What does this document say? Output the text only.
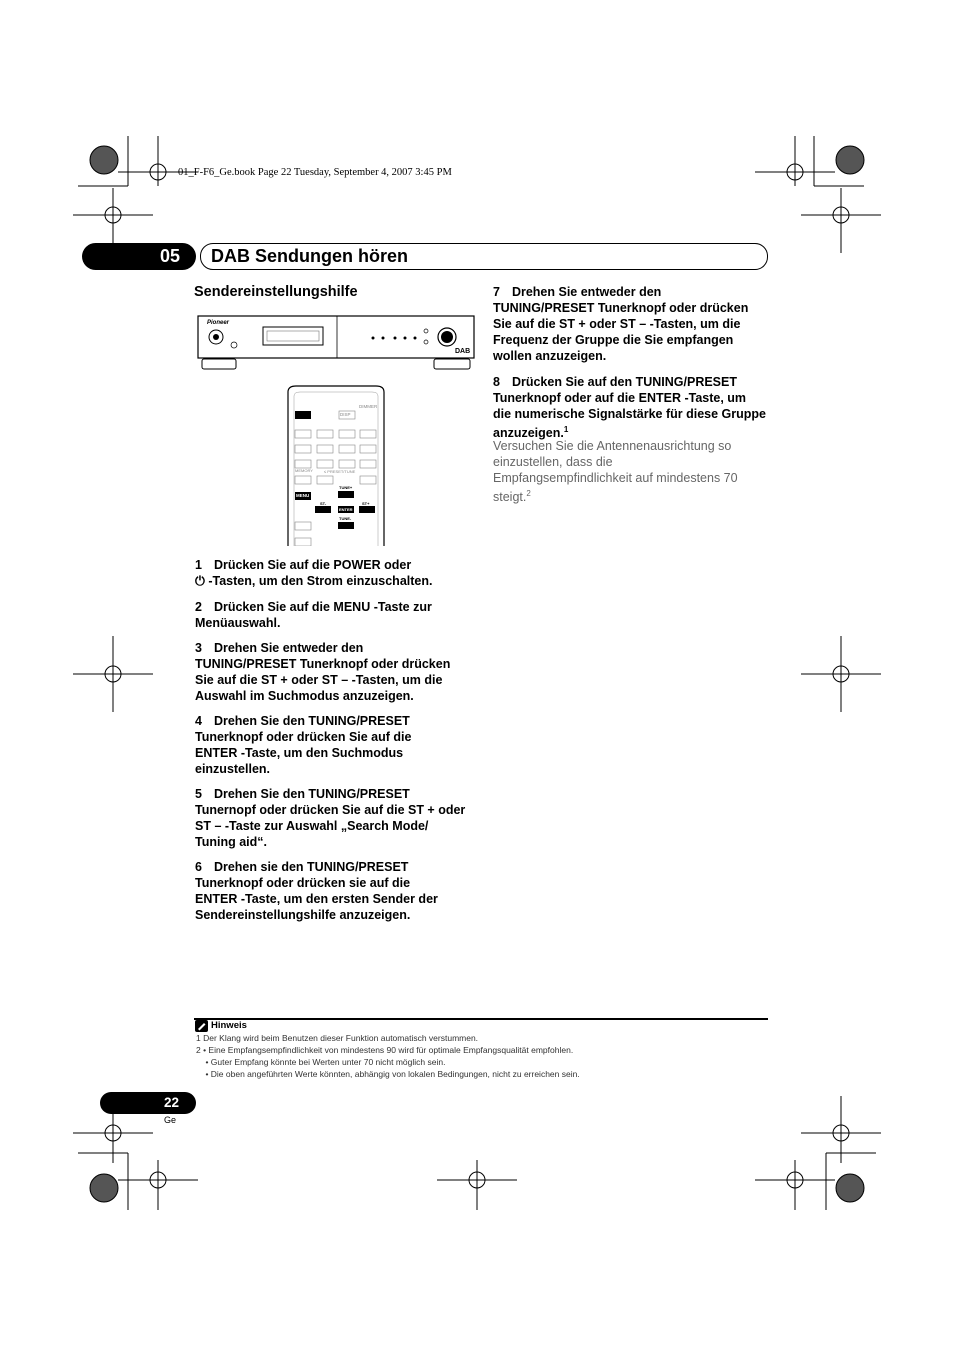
01_F-F6_Ge.book Page 22 Tuesday, September 4, 2007 3:45 PM
05 DAB Sendungen hören
Sendereinstellungshilfe
Pioneer
DAB
DIMMER
DISP
MEMORY	≤ PRESET/TUNE
MENU
TUNE+
ST-	ST+
ENTER
TUNE-
1 Drücken Sie auf die POWER oder
⏻ -Tasten, um den Strom einzuschalten.
2 Drücken Sie auf die MENU -Taste zur
Menüauswahl.
3 Drehen Sie entweder den
TUNING/PRESET Tunerknopf oder drücken
Sie auf die ST + oder ST – -Tasten, um die
Auswahl im Suchmodus anzuzeigen.
4 Drehen Sie den TUNING/PRESET
Tunerknopf oder drücken Sie auf die
ENTER -Taste, um den Suchmodus
einzustellen.
5 Drehen Sie den TUNING/PRESET
Tunernopf oder drücken Sie auf die ST + oder
ST – -Taste zur Auswahl „Search Mode/
Tuning aid“.
6 Drehen sie den TUNING/PRESET
Tunerknopf oder drücken sie auf die
ENTER -Taste, um den ersten Sender der
Sendereinstellungshilfe anzuzeigen.
7 Drehen Sie entweder den
TUNING/PRESET Tunerknopf oder drücken
Sie auf die ST + oder ST – -Tasten, um die
Frequenz der Gruppe die Sie empfangen
wollen anzuzeigen.
8 Drücken Sie auf den TUNING/PRESET
Tunerknopf oder auf die ENTER -Taste, um
die numerische Signalstärke für diese Gruppe
anzuzeigen.$^1$
Versuchen Sie die Antennenausrichtung so
einzustellen, dass die
Empfangsempfindlichkeit auf mindestens 70
steigt.$^2$
Hinweis
1 Der Klang wird beim Benutzen dieser Funktion automatisch verstummen.
2 • Eine Empfangsempfindlichkeit von mindestens 90 wird für optimale Empfangsqualität empfohlen.
• Guter Empfang könnte bei Werten unter 70 nicht möglich sein.
• Die oben angeführten Werte könnten, abhängig von lokalen Bedingungen, nicht zu erreichen sein.
22
Ge
